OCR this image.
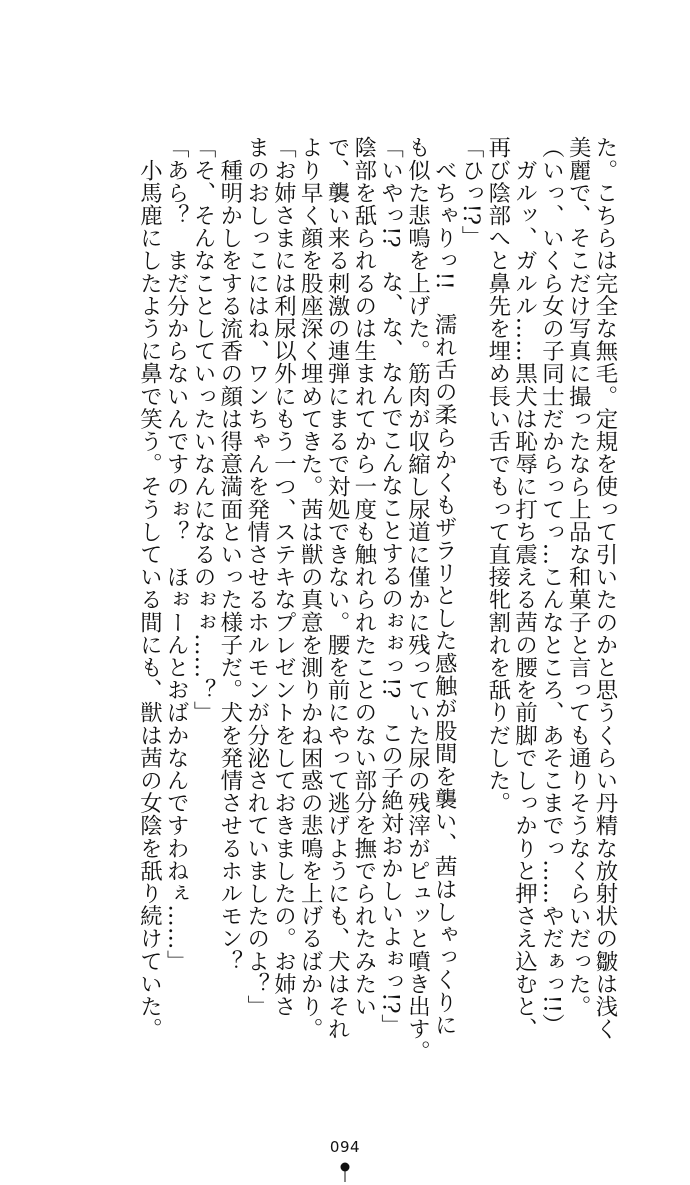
た。こちらは完全な無毛。定規を使って引いたのかと思うくらい丹精な放射状の皺は浅く
美麗で、そこだけ写真に撮ったなら上品な和菓子と言っても通りそうなくらいだった。
（いっ、いくら女の子同士だからってっ…こんなところ、あそこまでっ……やだぁっ!!）
　ガルッ、ガルル……黒犬は恥辱に打ち震える茜の腰を前脚でしっかりと押さえ込むと、
再び陰部へと鼻先を埋め長い舌でもって直接牝割れを舐りだした。
「ひっ!?」
　べちゃりっ!!　濡れ舌の柔らかくもザラリとした感触が股間を襲い、茜はしゃっくりに
も似た悲鳴を上げた。筋肉が収縮し尿道に僅かに残っていた尿の残滓がピュッと噴き出す。
「いやっ!?　な、な、なんでこんなことするのぉぉっ!?　この子絶対おかしいよぉっ!?」
陰部を舐られるのは生まれてから一度も触れられたことのない部分を撫でられたみたい
で、襲い来る刺激の連弾にまるで対処できない。腰を前にやって逃げようにも、犬はそれ
より早く顔を股座深く埋めてきた。茜は獣の真意を測りかね困惑の悲鳴を上げるばかり。
「お姉さまには利尿以外にもう一つ、ステキなプレゼントをしておきましたの。お姉さ
まのおしっこにはね、ワンちゃんを発情させるホルモンが分泌されていましたのよ？」
　種明かしをする流香の顔は得意満面といった様子だ。犬を発情させるホルモン？
「そ、そんなことしていったいなんになるのぉぉ……？」
「あら？　まだ分からないんですのぉ？　ほぉーんとおばかなんですわねぇ……」
　小馬鹿にしたように鼻で笑う。そうしている間にも、獣は茜の女陰を舐り続けていた。
094
